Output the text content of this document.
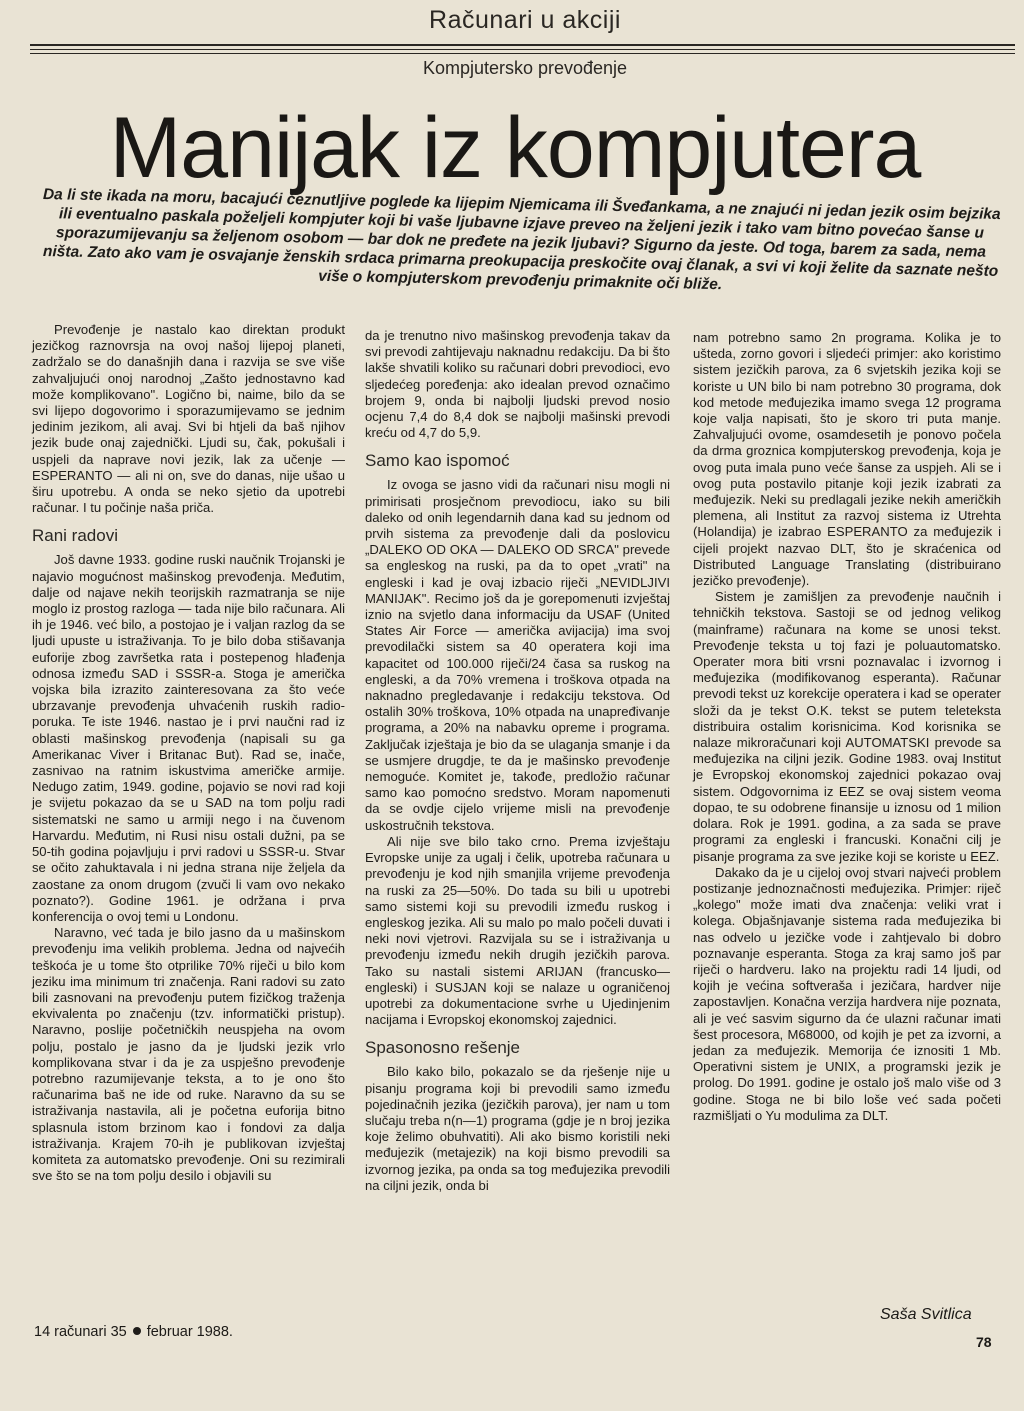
Računari u akciji
Kompjutersko prevođenje
Manijak iz kompjutera
Da li ste ikada na moru, bacajući čeznutljive poglede ka lijepim Njemicama ili Šveđankama, a ne znajući ni jedan jezik osim bejzika ili eventualno paskala poželjeli kompjuter koji bi vaše ljubavne izjave preveo na željeni jezik i tako vam bitno povećao šanse u sporazumijevanju sa željenom osobom — bar dok ne pređete na jezik ljubavi? Sigurno da jeste. Od toga, barem za sada, nema ništa. Zato ako vam je osvajanje ženskih srdaca primarna preokupacija preskočite ovaj članak, a svi vi koji želite da saznate nešto više o kompjuterskom prevođenju primaknite oči bliže.

Prevođenje je nastalo kao direktan produkt jezičkog raznovrsja na ovoj našoj lijepoj planeti, zadržalo se do današnjih dana i razvija se sve više zahvaljujući onoj narodnoj „Zašto jednostavno kad može komplikovano". Logično bi, naime, bilo da se svi lijepo dogovorimo i sporazumijevamo se jednim jedinim jezikom, ali avaj. Svi bi htjeli da baš njihov jezik bude onaj zajednički. Ljudi su, čak, pokušali i uspjeli da naprave novi jezik, lak za učenje — ESPERANTO — ali ni on, sve do danas, nije ušao u širu upotrebu. A onda se neko sjetio da upotrebi računar. I tu počinje naša priča.

Rani radovi

Još davne 1933. godine ruski naučnik Trojanski je najavio mogućnost mašinskog prevođenja. Međutim, dalje od najave nekih teorijskih razmatranja se nije moglo iz prostog razloga — tada nije bilo računara. Ali ih je 1946. već bilo, a postojao je i valjan razlog da se ljudi upuste u istraživanja. To je bilo doba stišavanja euforije zbog završetka rata i postepenog hlađenja odnosa između SAD i SSSR-a. Stoga je američka vojska bila izrazito zainteresovana za što veće ubrzavanje prevođenja uhvaćenih ruskih radio-poruka. Te iste 1946. nastao je i prvi naučni rad iz oblasti mašinskog prevođenja (napisali su ga Amerikanac Viver i Britanac But). Rad se, inače, zasnivao na ratnim iskustvima američke armije. Nedugo zatim, 1949. godine, pojavio se novi rad koji je svijetu pokazao da se u SAD na tom polju radi sistematski ne samo u armiji nego i na čuvenom Harvardu. Međutim, ni Rusi nisu ostali dužni, pa se 50-tih godina pojavljuju i prvi radovi u SSSR-u. Stvar se očito zahuktavala i ni jedna strana nije željela da zaostane za onom drugom (zvuči li vam ovo nekako poznato?). Godine 1961. je održana i prva konferencija o ovoj temi u Londonu.

Naravno, već tada je bilo jasno da u mašinskom prevođenju ima velikih problema. Jedna od najvećih teškoća je u tome što otprilike 70% riječi u bilo kom jeziku ima minimum tri značenja. Rani radovi su zato bili zasnovani na prevođenju putem fizičkog traženja ekvivalenta po značenju (tzv. informatički pristup). Naravno, poslije početničkih neuspjeha na ovom polju, postalo je jasno da je ljudski jezik vrlo komplikovana stvar i da je za uspješno prevođenje potrebno razumijevanje teksta, a to je ono što računarima baš ne ide od ruke. Naravno da su se istraživanja nastavila, ali je početna euforija bitno splasnula istom brzinom kao i fondovi za dalja istraživanja. Krajem 70-ih je publikovan izvještaj komiteta za automatsko prevođenje. Oni su rezimirali sve što se na tom polju desilo i objavili su

da je trenutno nivo mašinskog prevođenja takav da svi prevodi zahtijevaju naknadnu redakciju. Da bi što lakše shvatili koliko su računari dobri prevodioci, evo sljedećeg poređenja: ako idealan prevod označimo brojem 9, onda bi najbolji ljudski prevod nosio ocjenu 7,4 do 8,4 dok se najbolji mašinski prevodi kreću od 4,7 do 5,9.

Samo kao ispomoć

Iz ovoga se jasno vidi da računari nisu mogli ni primirisati prosječnom prevodiocu, iako su bili daleko od onih legendarnih dana kad su jednom od prvih sistema za prevođenje dali da poslovicu „DALEKO OD OKA — DALEKO OD SRCA" prevede sa engleskog na ruski, pa da to opet „vrati" na engleski i kad je ovaj izbacio riječi „NEVIDLJIVI MANIJAK". Recimo još da je gorepomenuti izvještaj iznio na svjetlo dana informaciju da USAF (United States Air Force — američka avijacija) ima svoj prevodilački sistem sa 40 operatera koji ima kapacitet od 100.000 riječi/24 časa sa ruskog na engleski, a da 70% vremena i troškova otpada na naknadno pregledavanje i redakciju tekstova. Od ostalih 30% troškova, 10% otpada na unapređivanje programa, a 20% na nabavku opreme i programa. Zaključak izještaja je bio da se ulaganja smanje i da se usmjere drugdje, te da je mašinsko prevođenje nemoguće. Komitet je, takođe, predložio računar samo kao pomoćno sredstvo. Moram napomenuti da se ovdje cijelo vrijeme misli na prevođenje uskostručnih tekstova.

Ali nije sve bilo tako crno. Prema izvještaju Evropske unije za ugalj i čelik, upotreba računara u prevođenju je kod njih smanjila vrijeme prevođenja na ruski za 25—50%. Do tada su bili u upotrebi samo sistemi koji su prevodili između ruskog i engleskog jezika. Ali su malo po malo počeli duvati i neki novi vjetrovi. Razvijala su se i istraživanja u prevođenju između nekih drugih jezičkih parova. Tako su nastali sistemi ARIJAN (francusko—engleski) i SUSJAN koji se nalaze u ograničenoj upotrebi za dokumentacione svrhe u Ujedinjenim nacijama i Evropskoj ekonomskoj zajednici.

Spasonosno rešenje

Bilo kako bilo, pokazalo se da rješenje nije u pisanju programa koji bi prevodili samo između pojedinačnih jezika (jezičkih parova), jer nam u tom slučaju treba n(n—1) programa (gdje je n broj jezika koje želimo obuhvatiti). Ali ako bismo koristili neki međujezik (metajezik) na koji bismo prevodili sa izvornog jezika, pa onda sa tog međujezika prevodili na ciljni jezik, onda bi

nam potrebno samo 2n programa. Kolika je to ušteda, zorno govori i sljedeći primjer: ako koristimo sistem jezičkih parova, za 6 svjetskih jezika koji se koriste u UN bilo bi nam potrebno 30 programa, dok kod metode međujezika imamo svega 12 programa koje valja napisati, što je skoro tri puta manje. Zahvaljujući ovome, osamdesetih je ponovo počela da drma groznica kompjuterskog prevođenja, koja je ovog puta imala puno veće šanse za uspjeh. Ali se i ovog puta postavilo pitanje koji jezik izabrati za međujezik. Neki su predlagali jezike nekih američkih plemena, ali Institut za razvoj sistema iz Utrehta (Holandija) je izabrao ESPERANTO za međujezik i cijeli projekt nazvao DLT, što je skraćenica od Distributed Language Translating (distribuirano jezičko prevođenje).

Sistem je zamišljen za prevođenje naučnih i tehničkih tekstova. Sastoji se od jednog velikog (mainframe) računara na kome se unosi tekst. Prevođenje teksta u toj fazi je poluautomatsko. Operater mora biti vrsni poznavalac i izvornog i međujezika (modifikovanog esperanta). Računar prevodi tekst uz korekcije operatera i kad se operater složi da je tekst O.K. tekst se putem teleteksta distribuira ostalim korisnicima. Kod korisnika se nalaze mikroračunari koji AUTOMATSKI prevode sa međujezika na ciljni jezik. Godine 1983. ovaj Institut je Evropskoj ekonomskoj zajednici pokazao ovaj sistem. Odgovornima iz EEZ se ovaj sistem veoma dopao, te su odobrene finansije u iznosu od 1 milion dolara. Rok je 1991. godina, a za sada se prave programi za engleski i francuski. Konačni cilj je pisanje programa za sve jezike koji se koriste u EEZ.

Dakako da je u cijeloj ovoj stvari najveći problem postizanje jednoznačnosti međujezika. Primjer: riječ „kolego" može imati dva značenja: veliki vrat i kolega. Objašnjavanje sistema rada međujezika bi nas odvelo u jezičke vode i zahtjevalo bi dobro poznavanje esperanta. Stoga za kraj samo još par riječi o hardveru. Iako na projektu radi 14 ljudi, od kojih je većina softveraša i jezičara, hardver nije zapostavljen. Konačna verzija hardvera nije poznata, ali je već sasvim sigurno da će ulazni računar imati šest procesora, M68000, od kojih je pet za izvorni, a jedan za međujezik. Memorija će iznositi 1 Mb. Operativni sistem je UNIX, a programski jezik je prolog. Do 1991. godine je ostalo još malo više od 3 godine. Stoga ne bi bilo loše već sada početi razmišljati o Yu modulima za DLT.

14 računari 35 februar 1988.
Saša Svitlica
78
